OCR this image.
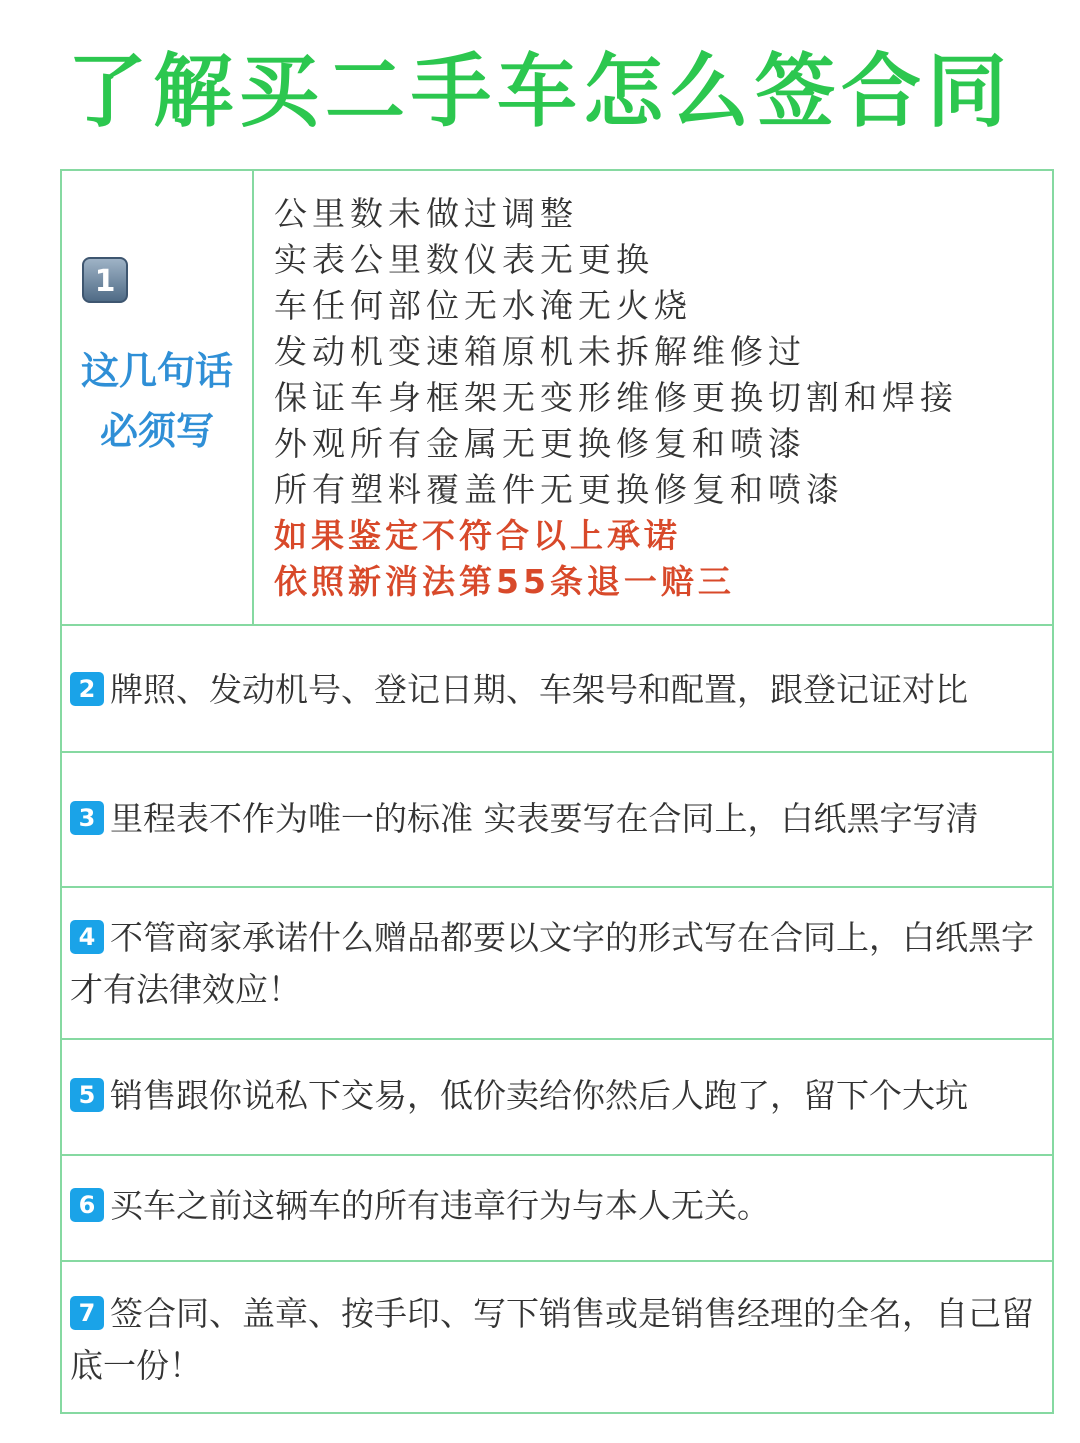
了解买二手车怎么签合同
1
这几句话
必须写
公里数未做过调整
实表公里数仪表无更换
车任何部位无水淹无火烧
发动机变速箱原机未拆解维修过
保证车身框架无变形维修更换切割和焊接
外观所有金属无更换修复和喷漆
所有塑料覆盖件无更换修复和喷漆
如果鉴定不符合以上承诺
依照新消法第55条退一赔三
2 牌照、发动机号、登记日期、车架号和配置，跟登记证对比
3 里程表不作为唯一的标准 实表要写在合同上，白纸黑字写清
4 不管商家承诺什么赠品都要以文字的形式写在合同上，白纸黑字才有法律效应！
5 销售跟你说私下交易，低价卖给你然后人跑了，留下个大坑
6 买车之前这辆车的所有违章行为与本人无关。
7 签合同、盖章、按手印、写下销售或是销售经理的全名，自己留底一份！
